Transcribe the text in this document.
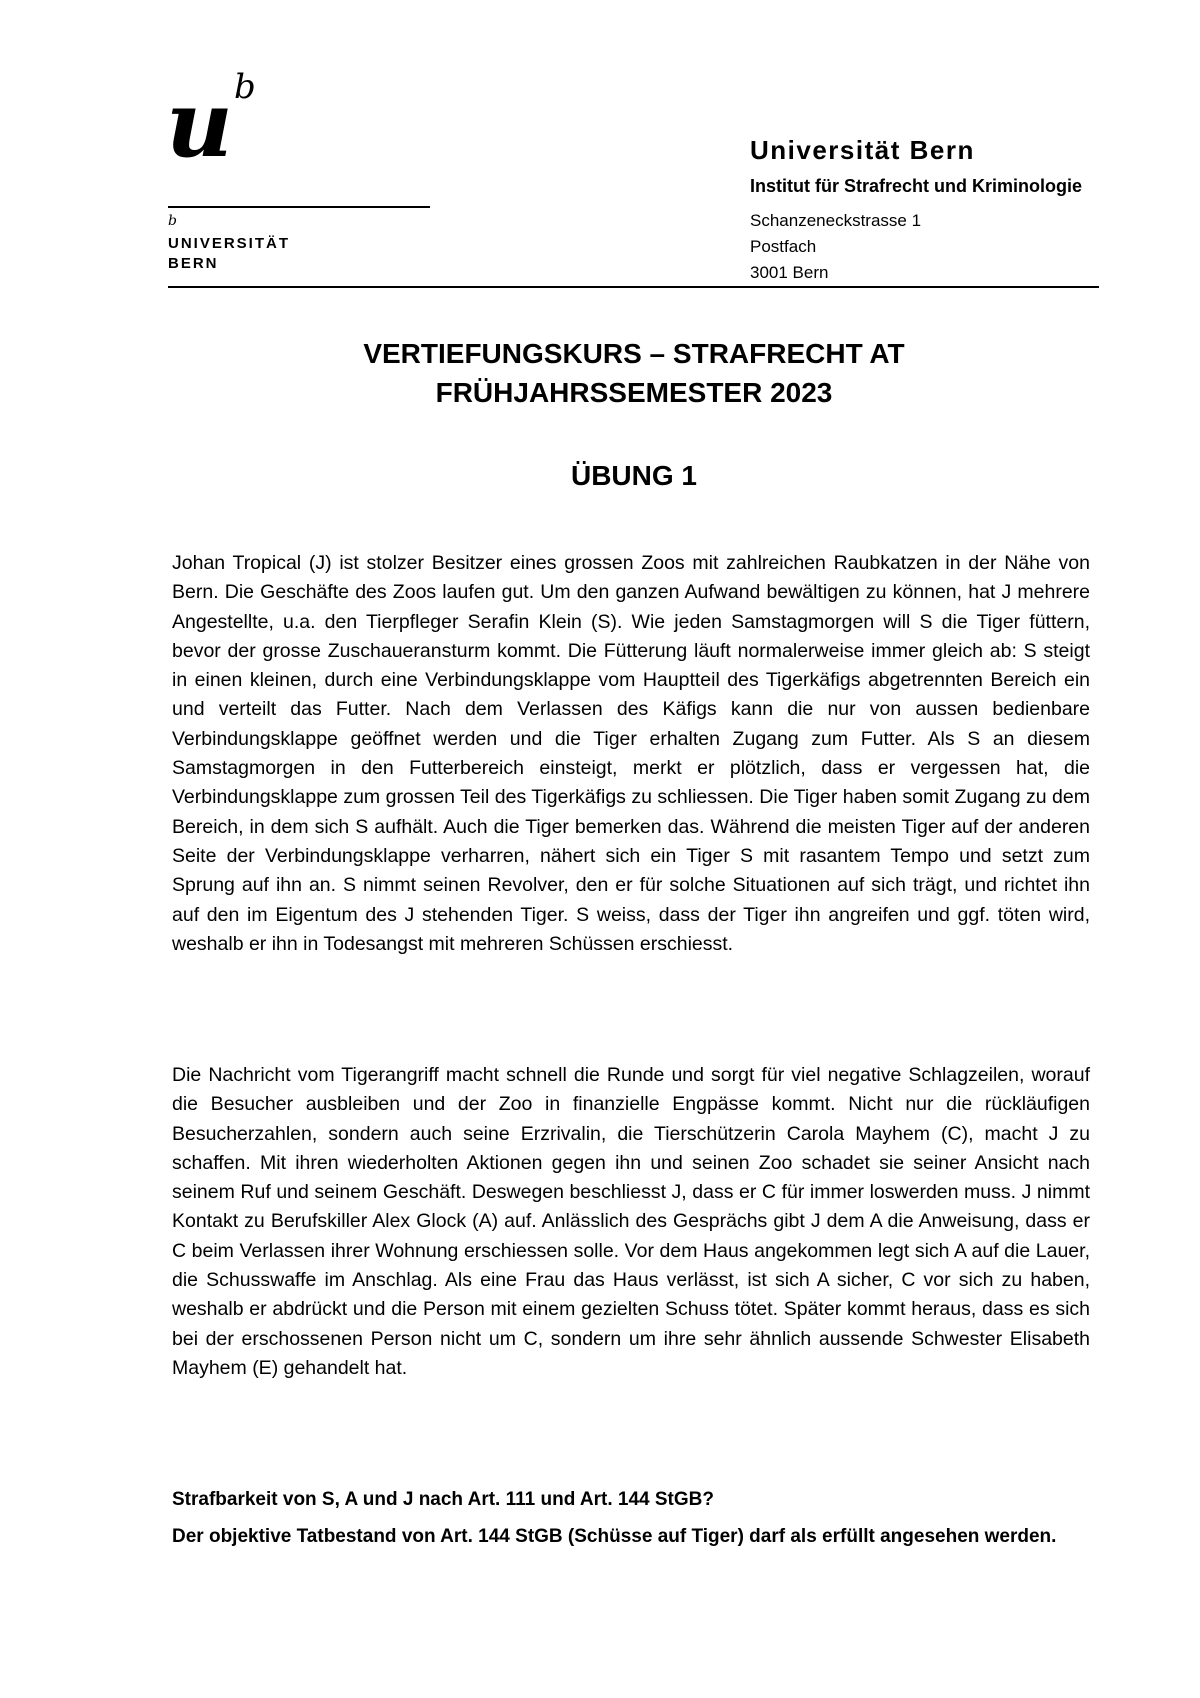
u b
b
UNIVERSITÄT
BERN
Universität Bern
Institut für Strafrecht und Kriminologie
Schanzeneckstrasse 1
Postfach
3001 Bern
VERTIEFUNGSKURS – STRAFRECHT AT
FRÜHJAHRSSEMESTER 2023
ÜBUNG 1
Johan Tropical (J) ist stolzer Besitzer eines grossen Zoos mit zahlreichen Raubkatzen in der Nähe von Bern. Die Geschäfte des Zoos laufen gut. Um den ganzen Aufwand bewältigen zu können, hat J mehrere Angestellte, u.a. den Tierpfleger Serafin Klein (S). Wie jeden Samstagmorgen will S die Tiger füttern, bevor der grosse Zuschaueransturm kommt. Die Fütterung läuft normalerweise immer gleich ab: S steigt in einen kleinen, durch eine Verbindungsklappe vom Hauptteil des Tigerkäfigs abgetrennten Bereich ein und verteilt das Futter. Nach dem Verlassen des Käfigs kann die nur von aussen bedienbare Verbindungsklappe geöffnet werden und die Tiger erhalten Zugang zum Futter. Als S an diesem Samstagmorgen in den Futterbereich einsteigt, merkt er plötzlich, dass er vergessen hat, die Verbindungsklappe zum grossen Teil des Tigerkäfigs zu schliessen. Die Tiger haben somit Zugang zu dem Bereich, in dem sich S aufhält. Auch die Tiger bemerken das. Während die meisten Tiger auf der anderen Seite der Verbindungsklappe verharren, nähert sich ein Tiger S mit rasantem Tempo und setzt zum Sprung auf ihn an. S nimmt seinen Revolver, den er für solche Situationen auf sich trägt, und richtet ihn auf den im Eigentum des J stehenden Tiger. S weiss, dass der Tiger ihn angreifen und ggf. töten wird, weshalb er ihn in Todesangst mit mehreren Schüssen erschiesst.
Die Nachricht vom Tigerangriff macht schnell die Runde und sorgt für viel negative Schlagzeilen, worauf die Besucher ausbleiben und der Zoo in finanzielle Engpässe kommt. Nicht nur die rückläufigen Besucherzahlen, sondern auch seine Erzrivalin, die Tierschützerin Carola Mayhem (C), macht J zu schaffen. Mit ihren wiederholten Aktionen gegen ihn und seinen Zoo schadet sie seiner Ansicht nach seinem Ruf und seinem Geschäft. Deswegen beschliesst J, dass er C für immer loswerden muss. J nimmt Kontakt zu Berufskiller Alex Glock (A) auf. Anlässlich des Gesprächs gibt J dem A die Anweisung, dass er C beim Verlassen ihrer Wohnung erschiessen solle. Vor dem Haus angekommen legt sich A auf die Lauer, die Schusswaffe im Anschlag. Als eine Frau das Haus verlässt, ist sich A sicher, C vor sich zu haben, weshalb er abdrückt und die Person mit einem gezielten Schuss tötet. Später kommt heraus, dass es sich bei der erschossenen Person nicht um C, sondern um ihre sehr ähnlich aussende Schwester Elisabeth Mayhem (E) gehandelt hat.
Strafbarkeit von S, A und J nach Art. 111 und Art. 144 StGB?
Der objektive Tatbestand von Art. 144 StGB (Schüsse auf Tiger) darf als erfüllt angesehen werden.
